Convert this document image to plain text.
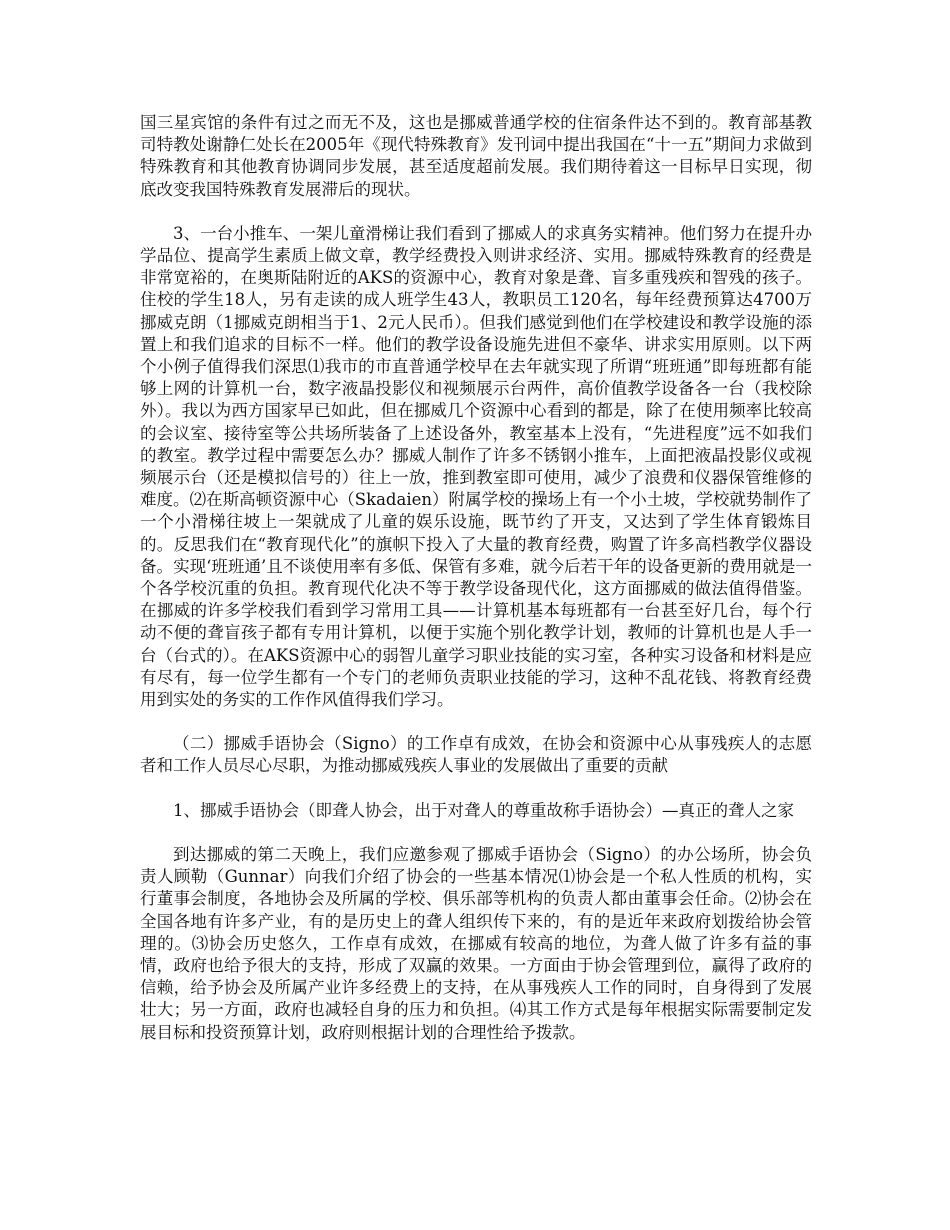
国三星宾馆的条件有过之而无不及，这也是挪威普通学校的住宿条件达不到的。教育部基教司特教处谢静仁处长在2005年《现代特殊教育》发刊词中提出我国在“十一五”期间力求做到特殊教育和其他教育协调同步发展，甚至适度超前发展。我们期待着这一目标早日实现，彻底改变我国特殊教育发展滞后的现状。

3、一台小推车、一架儿童滑梯让我们看到了挪威人的求真务实精神。他们努力在提升办学品位、提高学生素质上做文章，教学经费投入则讲求经济、实用。挪威特殊教育的经费是非常宽裕的，在奥斯陆附近的AKS的资源中心，教育对象是聋、盲多重残疾和智残的孩子。住校的学生18人，另有走读的成人班学生43人，教职员工120名，每年经费预算达4700万挪威克朗（1挪威克朗相当于1、2元人民币）。但我们感觉到他们在学校建设和教学设施的添置上和我们追求的目标不一样。他们的教学设备设施先进但不豪华、讲求实用原则。以下两个小例子值得我们深思⑴我市的市直普通学校早在去年就实现了所谓“班班通”即每班都有能够上网的计算机一台，数字液晶投影仪和视频展示台两件，高价值教学设备各一台（我校除外）。我以为西方国家早已如此，但在挪威几个资源中心看到的都是，除了在使用频率比较高的会议室、接待室等公共场所装备了上述设备外，教室基本上没有，“先进程度”远不如我们的教室。教学过程中需要怎么办？挪威人制作了许多不锈钢小推车，上面把液晶投影仪或视频展示台（还是模拟信号的）往上一放，推到教室即可使用，减少了浪费和仪器保管维修的难度。⑵在斯高顿资源中心（Skadaien）附属学校的操场上有一个小土坡，学校就势制作了一个小滑梯往坡上一架就成了儿童的娱乐设施，既节约了开支，又达到了学生体育锻炼目的。反思我们在“教育现代化”的旗帜下投入了大量的教育经费，购置了许多高档教学仪器设备。实现‘班班通’且不谈使用率有多低、保管有多难，就今后若干年的设备更新的费用就是一个各学校沉重的负担。教育现代化决不等于教学设备现代化，这方面挪威的做法值得借鉴。在挪威的许多学校我们看到学习常用工具——计算机基本每班都有一台甚至好几台，每个行动不便的聋盲孩子都有专用计算机，以便于实施个别化教学计划，教师的计算机也是人手一台（台式的）。在AKS资源中心的弱智儿童学习职业技能的实习室，各种实习设备和材料是应有尽有，每一位学生都有一个专门的老师负责职业技能的学习，这种不乱花钱、将教育经费用到实处的务实的工作作风值得我们学习。

（二）挪威手语协会（Signo）的工作卓有成效，在协会和资源中心从事残疾人的志愿者和工作人员尽心尽职，为推动挪威残疾人事业的发展做出了重要的贡献

1、挪威手语协会（即聋人协会，出于对聋人的尊重故称手语协会）—真正的聋人之家

到达挪威的第二天晚上，我们应邀参观了挪威手语协会（Signo）的办公场所，协会负责人顾勒（Gunnar）向我们介绍了协会的一些基本情况⑴协会是一个私人性质的机构，实行董事会制度，各地协会及所属的学校、俱乐部等机构的负责人都由董事会任命。⑵协会在全国各地有许多产业，有的是历史上的聋人组织传下来的，有的是近年来政府划拨给协会管理的。⑶协会历史悠久，工作卓有成效，在挪威有较高的地位，为聋人做了许多有益的事情，政府也给予很大的支持，形成了双赢的效果。一方面由于协会管理到位，赢得了政府的信赖，给予协会及所属产业许多经费上的支持，在从事残疾人工作的同时，自身得到了发展壮大；另一方面，政府也减轻自身的压力和负担。⑷其工作方式是每年根据实际需要制定发展目标和投资预算计划，政府则根据计划的合理性给予拨款。
